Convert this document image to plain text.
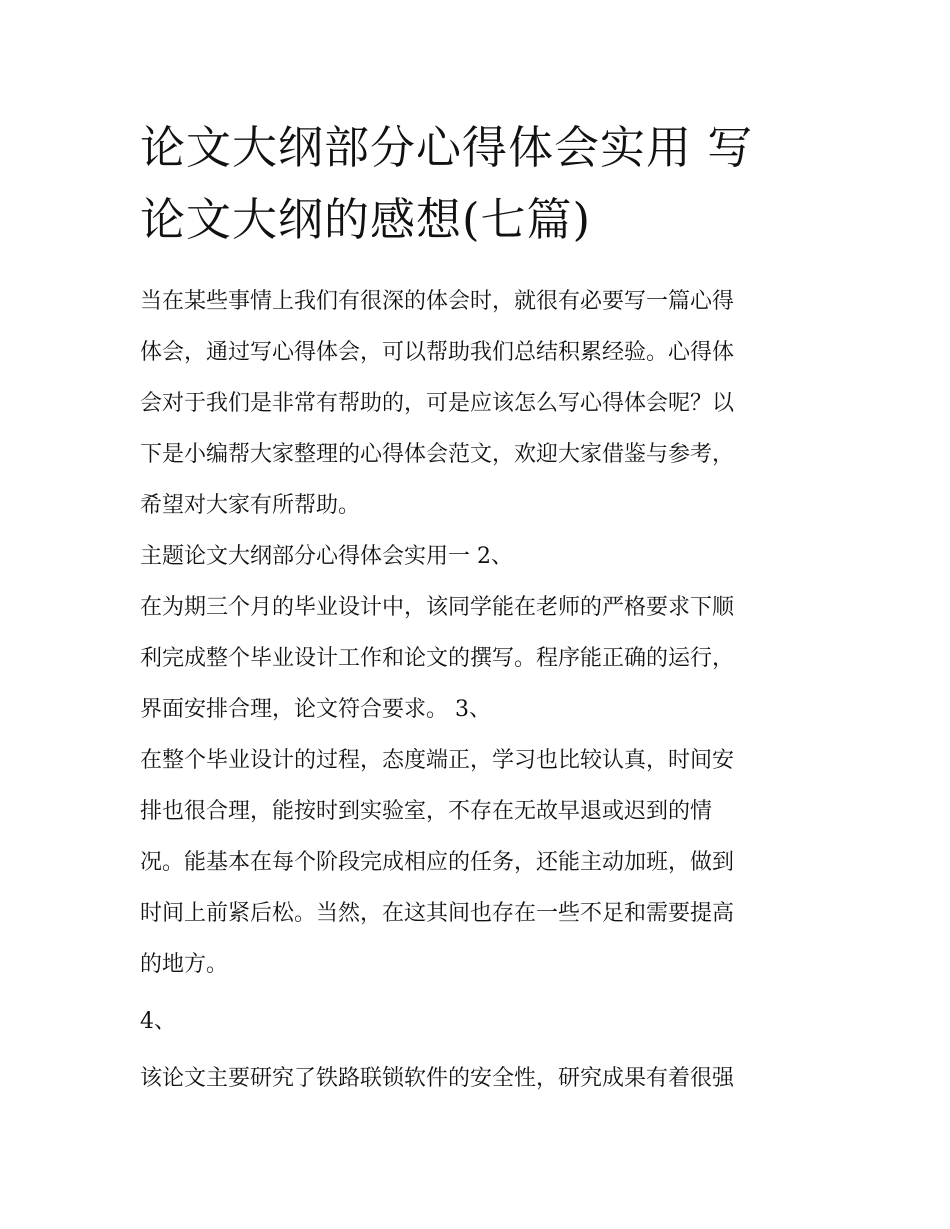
论文大纲部分心得体会实用 写
论文大纲的感想(七篇)
当在某些事情上我们有很深的体会时，就很有必要写一篇心得
体会，通过写心得体会，可以帮助我们总结积累经验。心得体
会对于我们是非常有帮助的，可是应该怎么写心得体会呢？以
下是小编帮大家整理的心得体会范文，欢迎大家借鉴与参考，
希望对大家有所帮助。
主题论文大纲部分心得体会实用一 2、
在为期三个月的毕业设计中，该同学能在老师的严格要求下顺
利完成整个毕业设计工作和论文的撰写。程序能正确的运行，
界面安排合理，论文符合要求。 3、
在整个毕业设计的过程，态度端正，学习也比较认真，时间安
排也很合理，能按时到实验室，不存在无故早退或迟到的情
况。能基本在每个阶段完成相应的任务，还能主动加班，做到
时间上前紧后松。当然，在这其间也存在一些不足和需要提高
的地方。
4、
该论文主要研究了铁路联锁软件的安全性，研究成果有着很强
